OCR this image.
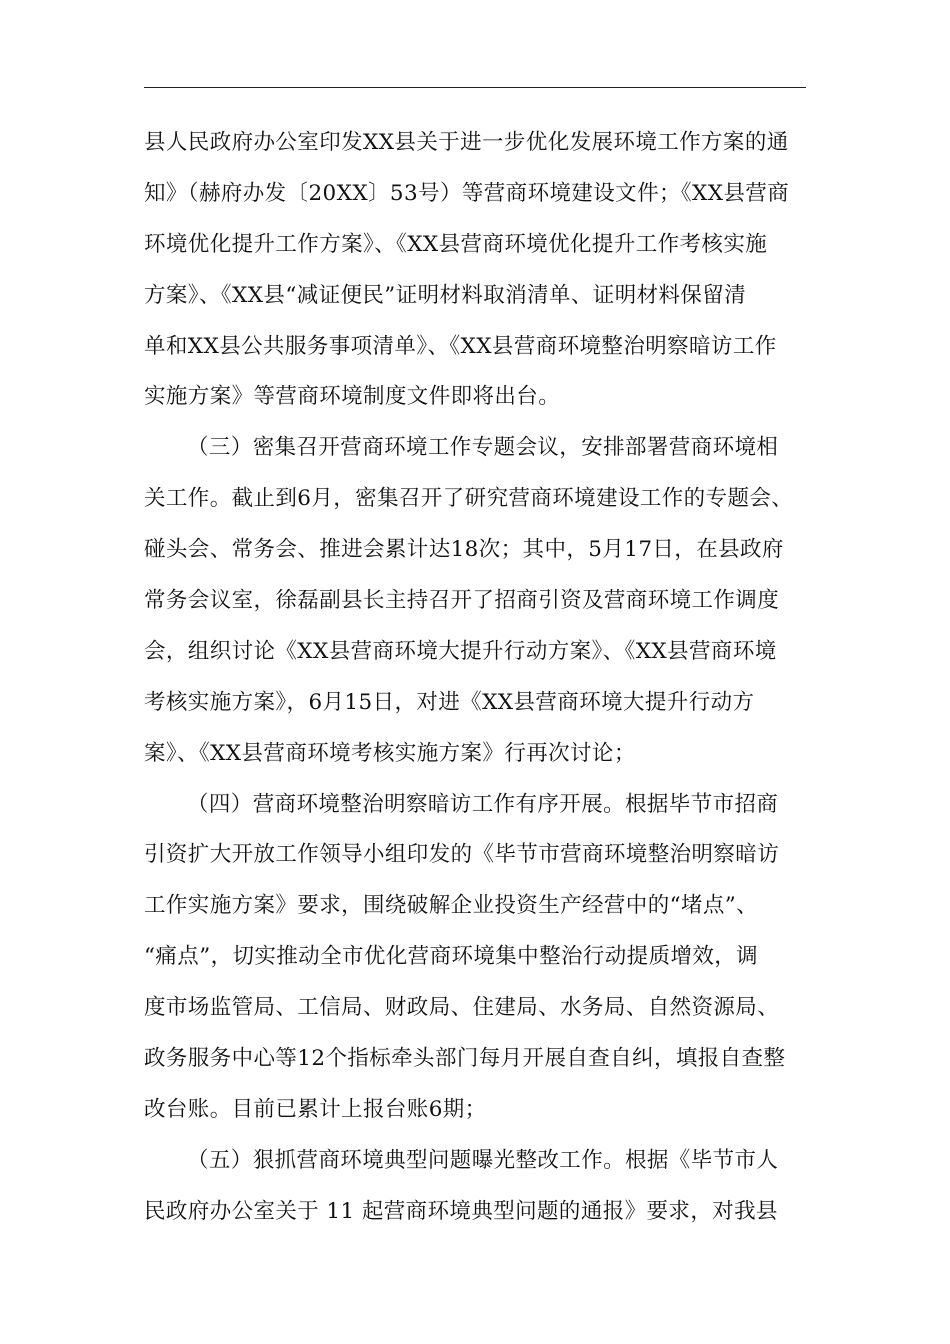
县人民政府办公室印发XX县关于进一步优化发展环境工作方案的通
知》（赫府办发〔20XX〕53号）等营商环境建设文件；《XX县营商
环境优化提升工作方案》、《XX县营商环境优化提升工作考核实施
方案》、《XX县“减证便民”证明材料取消清单、证明材料保留清
单和XX县公共服务事项清单》、《XX县营商环境整治明察暗访工作
实施方案》等营商环境制度文件即将出台。
（三）密集召开营商环境工作专题会议，安排部署营商环境相
关工作。截止到6月，密集召开了研究营商环境建设工作的专题会、
碰头会、常务会、推进会累计达18次；其中，5月17日，在县政府
常务会议室，徐磊副县长主持召开了招商引资及营商环境工作调度
会，组织讨论《XX县营商环境大提升行动方案》、《XX县营商环境
考核实施方案》，6月15日，对进《XX县营商环境大提升行动方
案》、《XX县营商环境考核实施方案》行再次讨论；
（四）营商环境整治明察暗访工作有序开展。根据毕节市招商
引资扩大开放工作领导小组印发的《毕节市营商环境整治明察暗访
工作实施方案》要求，围绕破解企业投资生产经营中的“堵点”、
“痛点”，切实推动全市优化营商环境集中整治行动提质增效，调
度市场监管局、工信局、财政局、住建局、水务局、自然资源局、
政务服务中心等12个指标牵头部门每月开展自查自纠，填报自查整
改台账。目前已累计上报台账6期；
（五）狠抓营商环境典型问题曝光整改工作。根据《毕节市人
民政府办公室关于 11 起营商环境典型问题的通报》要求，对我县
